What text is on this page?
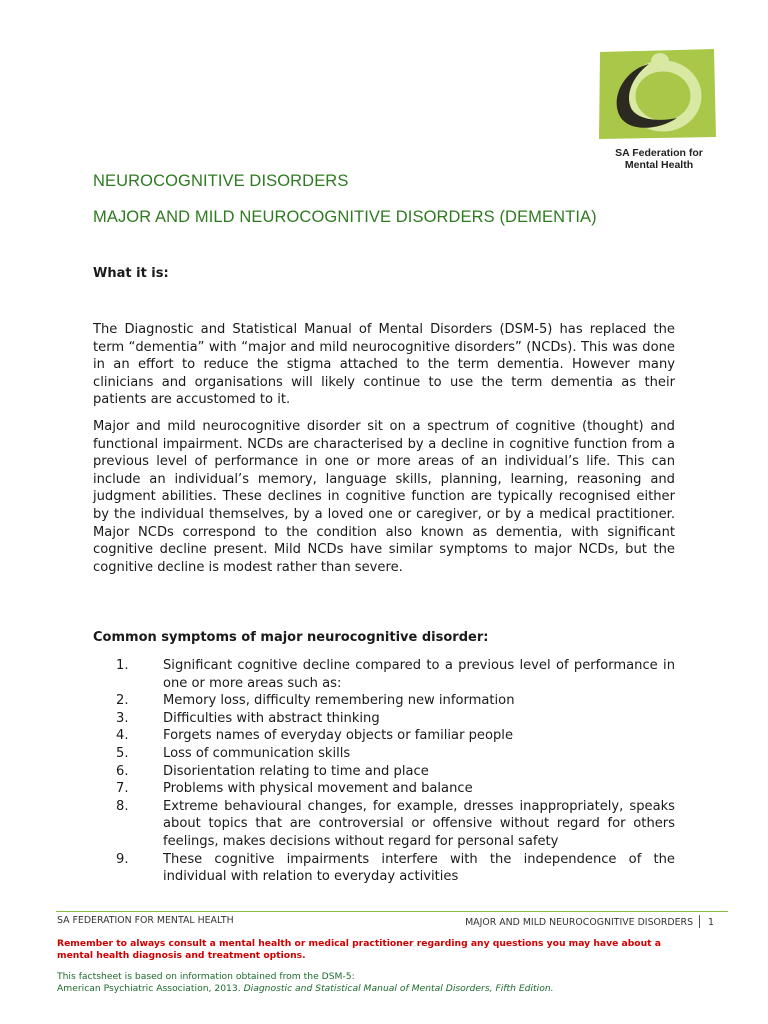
SA Federation for
Mental Health
NEUROCOGNITIVE DISORDERS
MAJOR AND MILD NEUROCOGNITIVE DISORDERS (DEMENTIA)
What it is:

The Diagnostic and Statistical Manual of Mental Disorders (DSM-5) has replaced the term “dementia” with “major and mild neurocognitive disorders” (NCDs). This was done in an effort to reduce the stigma attached to the term dementia. However many clinicians and organisations will likely continue to use the term dementia as their patients are accustomed to it.

Major and mild neurocognitive disorder sit on a spectrum of cognitive (thought) and functional impairment. NCDs are characterised by a decline in cognitive function from a previous level of performance in one or more areas of an individual’s life. This can include an individual’s memory, language skills, planning, learning, reasoning and judgment abilities. These declines in cognitive function are typically recognised either by the individual themselves, by a loved one or caregiver, or by a medical practitioner. Major NCDs correspond to the condition also known as dementia, with significant cognitive decline present. Mild NCDs have similar symptoms to major NCDs, but the cognitive decline is modest rather than severe.

Common symptoms of major neurocognitive disorder:
1.	Significant cognitive decline compared to a previous level of performance in one or more areas such as:
2.	Memory loss, difficulty remembering new information
3.	Difficulties with abstract thinking
4.	Forgets names of everyday objects or familiar people
5.	Loss of communication skills
6.	Disorientation relating to time and place
7.	Problems with physical movement and balance
8.	Extreme behavioural changes, for example, dresses inappropriately, speaks about topics that are controversial or offensive without regard for others feelings, makes decisions without regard for personal safety
9.	These cognitive impairments interfere with the independence of the individual with relation to everyday activities
SA FEDERATION FOR MENTAL HEALTH	MAJOR AND MILD NEUROCOGNITIVE DISORDERS 1

Remember to always consult a mental health or medical practitioner regarding any questions you may have about a mental health diagnosis and treatment options.

This factsheet is based on information obtained from the DSM-5:
American Psychiatric Association, 2013. Diagnostic and Statistical Manual of Mental Disorders, Fifth Edition.
